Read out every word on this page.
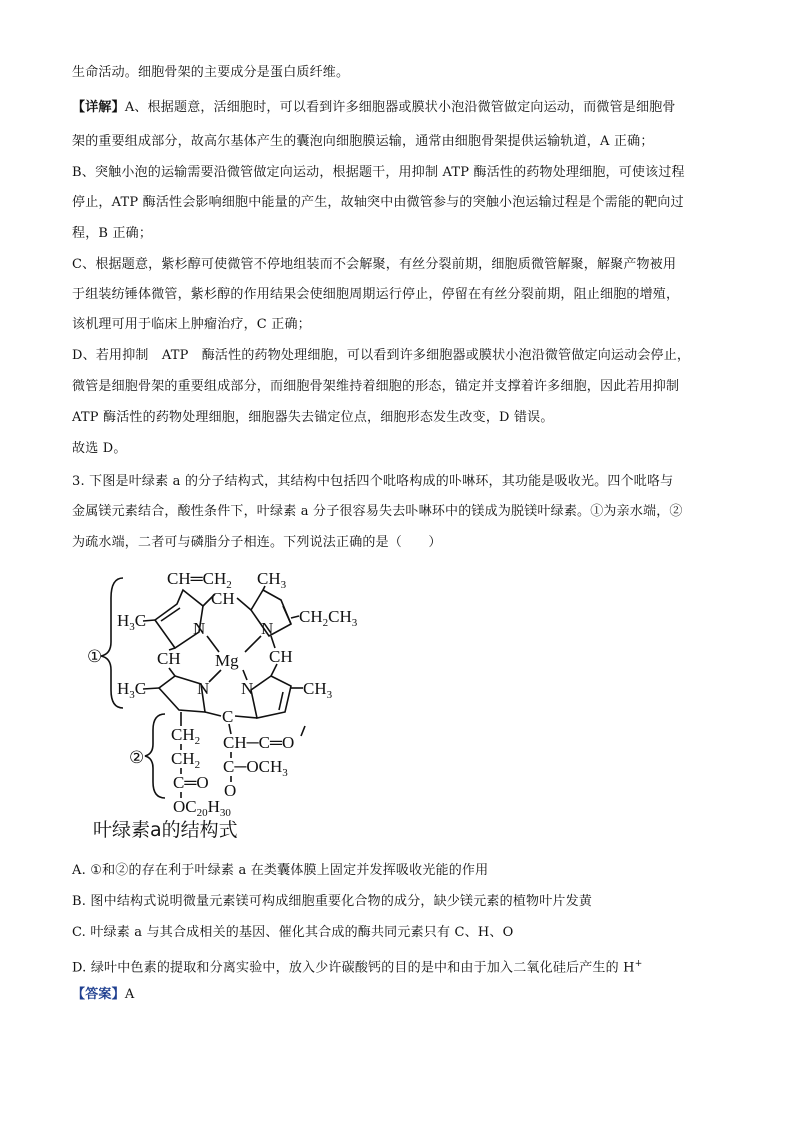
生命活动。细胞骨架的主要成分是蛋白质纤维。
【详解】A、根据题意，活细胞时，可以看到许多细胞器或膜状小泡沿微管做定向运动，而微管是细胞骨
架的重要组成部分，故高尔基体产生的囊泡向细胞膜运输，通常由细胞骨架提供运输轨道，A 正确；
B、突触小泡的运输需要沿微管做定向运动，根据题干，用抑制 ATP 酶活性的药物处理细胞，可使该过程
停止，ATP 酶活性会影响细胞中能量的产生，故轴突中由微管参与的突触小泡运输过程是个需能的靶向过
程，B 正确；
C、根据题意，紫杉醇可使微管不停地组装而不会解聚，有丝分裂前期，细胞质微管解聚，解聚产物被用
于组装纺锤体微管，紫杉醇的作用结果会使细胞周期运行停止，停留在有丝分裂前期，阻止细胞的增殖，
该机理可用于临床上肿瘤治疗，C 正确；
D、若用抑制　ATP　酶活性的药物处理细胞，可以看到许多细胞器或膜状小泡沿微管做定向运动会停止，
微管是细胞骨架的重要组成部分，而细胞骨架维持着细胞的形态，锚定并支撑着许多细胞，因此若用抑制
ATP 酶活性的药物处理细胞，细胞器失去锚定位点，细胞形态发生改变，D 错误。
故选 D。
3. 下图是叶绿素 a 的分子结构式，其结构中包括四个吡咯构成的卟啉环，其功能是吸收光。四个吡咯与
金属镁元素结合，酸性条件下，叶绿素 a 分子很容易失去卟啉环中的镁成为脱镁叶绿素。①为亲水端，②
为疏水端，二者可与磷脂分子相连。下列说法正确的是（　　）
①
②
$CH═CH_2$ $CH_3$
$H_3C$
CH
$CH_2CH_3$
N	N
N N
Mg
CH	CH
$H_3C$	$CH_3$
C
$CH_2$
$CH_2$
C═O
$OC_{20}H_{30}$
CH─C═O
$C─OCH_3$
O
叶绿素a的结构式
A. ①和②的存在利于叶绿素 a 在类囊体膜上固定并发挥吸收光能的作用
B. 图中结构式说明微量元素镁可构成细胞重要化合物的成分，缺少镁元素的植物叶片发黄
C. 叶绿素 a 与其合成相关的基因、催化其合成的酶共同元素只有 C、H、O
D. 绿叶中色素的提取和分离实验中，放入少许碳酸钙的目的是中和由于加入二氧化硅后产生的 H+
【答案】A
